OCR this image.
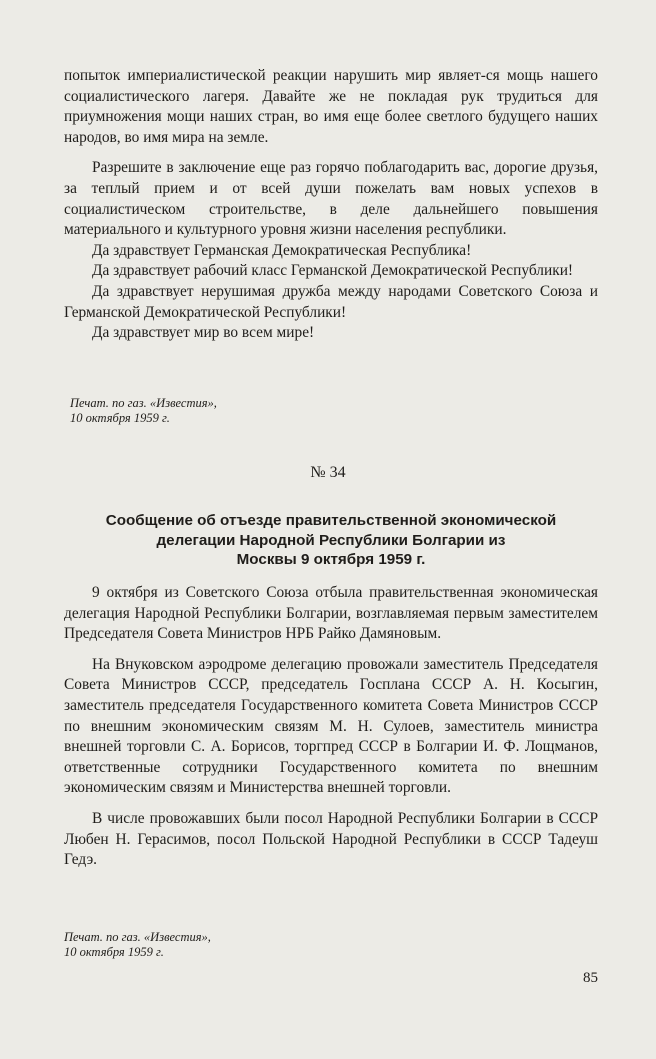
попыток империалистической реакции нарушить мир являет-ся мощь нашего социалистического лагеря. Давайте же не покладая рук трудиться для приумножения мощи наших стран, во имя еще более светлого будущего наших народов, во имя мира на земле.

Разрешите в заключение еще раз горячо поблагодарить вас, дорогие друзья, за теплый прием и от всей души пожелать вам новых успехов в социалистическом строительстве, в деле дальнейшего повышения материального и культурного уровня жизни населения республики.

Да здравствует Германская Демократическая Республика!

Да здравствует рабочий класс Германской Демократической Республики!

Да здравствует нерушимая дружба между народами Советского Союза и Германской Демократической Республики!

Да здравствует мир во всем мире!

Печат. по газ. «Известия»,
10 октября 1959 г.
№ 34
Сообщение об отъезде правительственной экономической
делегации Народной Республики Болгарии из
Москвы 9 октября 1959 г.

9 октября из Советского Союза отбыла правительственная экономическая делегация Народной Республики Болгарии, возглавляемая первым заместителем Председателя Совета Министров НРБ Райко Дамяновым.

На Внуковском аэродроме делегацию провожали заместитель Председателя Совета Министров СССР, председатель Госплана СССР А. Н. Косыгин, заместитель председателя Государственного комитета Совета Министров СССР по внешним экономическим связям М. Н. Сулоев, заместитель министра внешней торговли С. А. Борисов, торгпред СССР в Болгарии И. Ф. Лощманов, ответственные сотрудники Государственного комитета по внешним экономическим связям и Министерства внешней торговли.

В числе провожавших были посол Народной Республики Болгарии в СССР Любен Н. Герасимов, посол Польской Народной Республики в СССР Тадеуш Гедэ.

Печат. по газ. «Известия»,
10 октября 1959 г.
85
